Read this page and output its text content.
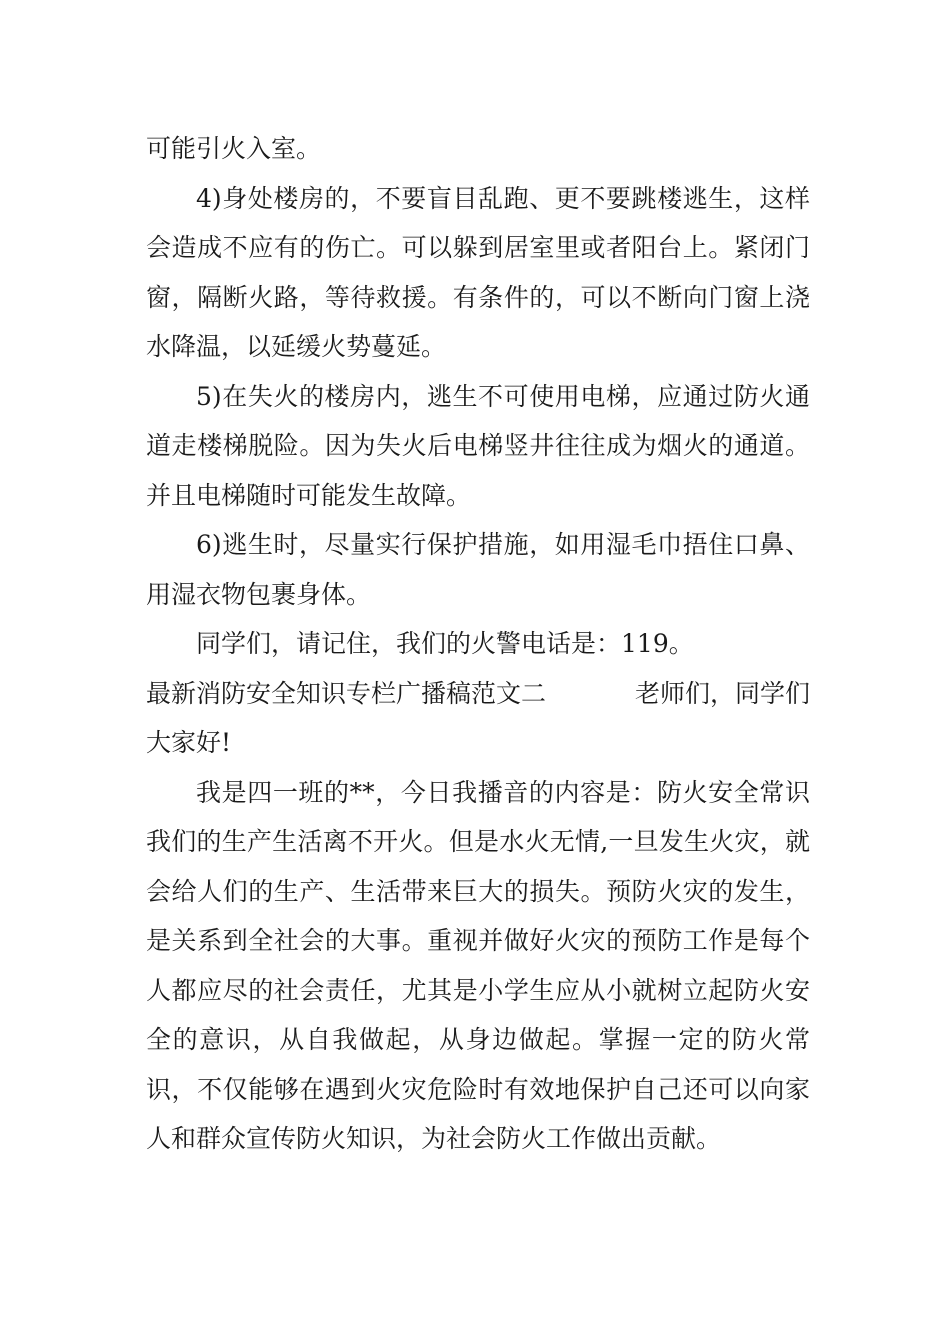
可能引火入室。

4)身处楼房的，不要盲目乱跑、更不要跳楼逃生，这样会造成不应有的伤亡。可以躲到居室里或者阳台上。紧闭门窗，隔断火路，等待救援。有条件的，可以不断向门窗上浇水降温，以延缓火势蔓延。

5)在失火的楼房内，逃生不可使用电梯，应通过防火通道走楼梯脱险。因为失火后电梯竖井往往成为烟火的通道。并且电梯随时可能发生故障。

6)逃生时，尽量实行保护措施，如用湿毛巾捂住口鼻、用湿衣物包裹身体。

同学们，请记住，我们的火警电话是：119。

最新消防安全知识专栏广播稿范文二	老师们，同学们

大家好!

我是四一班的**，今日我播音的内容是：防火安全常识我们的生产生活离不开火。但是水火无情,一旦发生火灾，就会给人们的生产、生活带来巨大的损失。预防火灾的发生，是关系到全社会的大事。重视并做好火灾的预防工作是每个人都应尽的社会责任，尤其是小学生应从小就树立起防火安全的意识，从自我做起，从身边做起。掌握一定的防火常识，不仅能够在遇到火灾危险时有效地保护自己还可以向家人和群众宣传防火知识，为社会防火工作做出贡献。
